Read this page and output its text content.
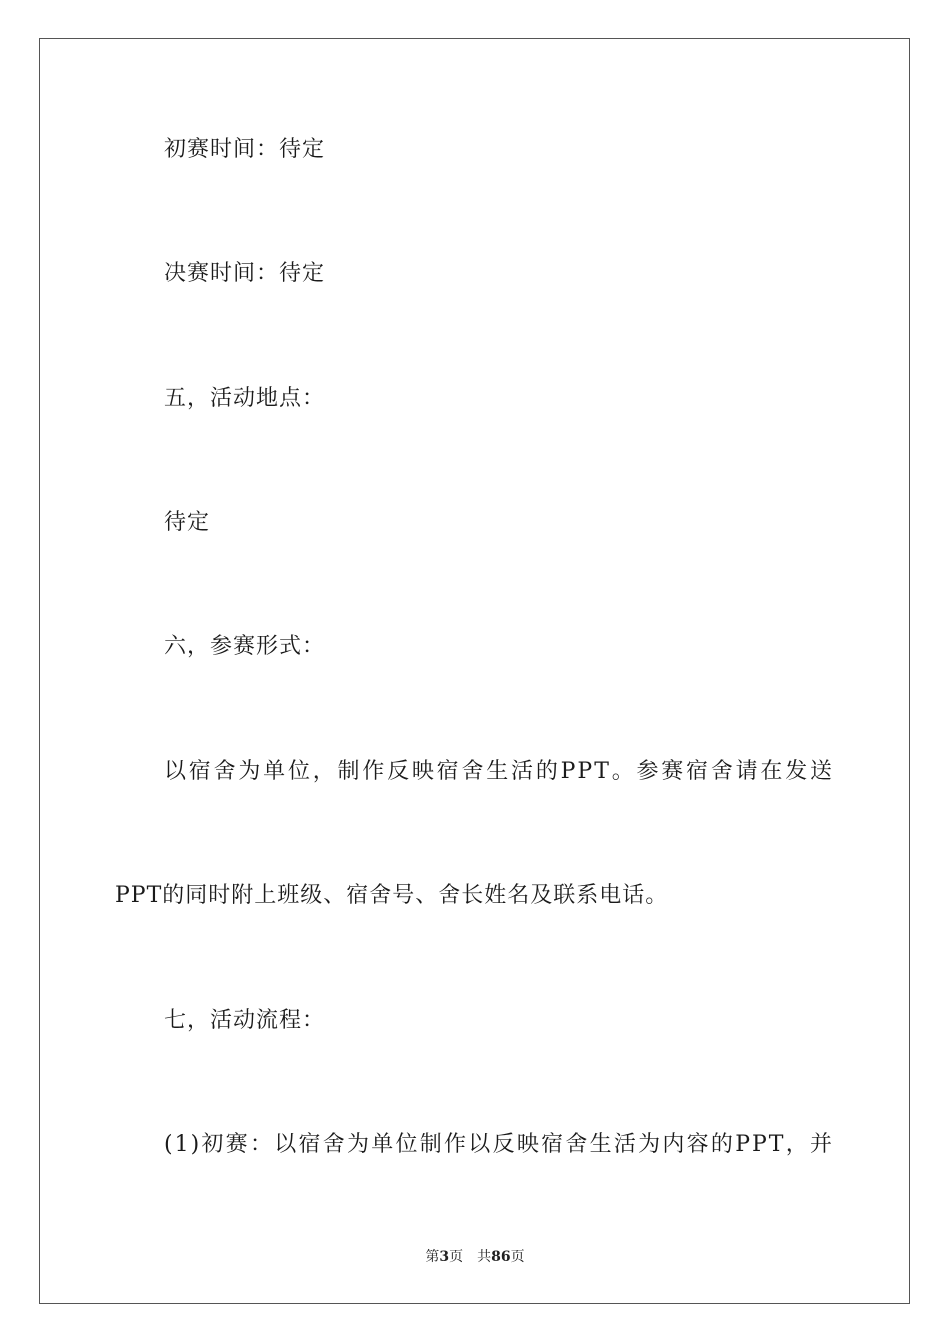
初赛时间：待定
决赛时间：待定
五，活动地点：
待定
六，参赛形式：
以宿舍为单位，制作反映宿舍生活的PPT。参赛宿舍请在发送
PPT的同时附上班级、宿舍号、舍长姓名及联系电话。
七，活动流程：
(1)初赛：以宿舍为单位制作以反映宿舍生活为内容的PPT，并
第3页 共86页
